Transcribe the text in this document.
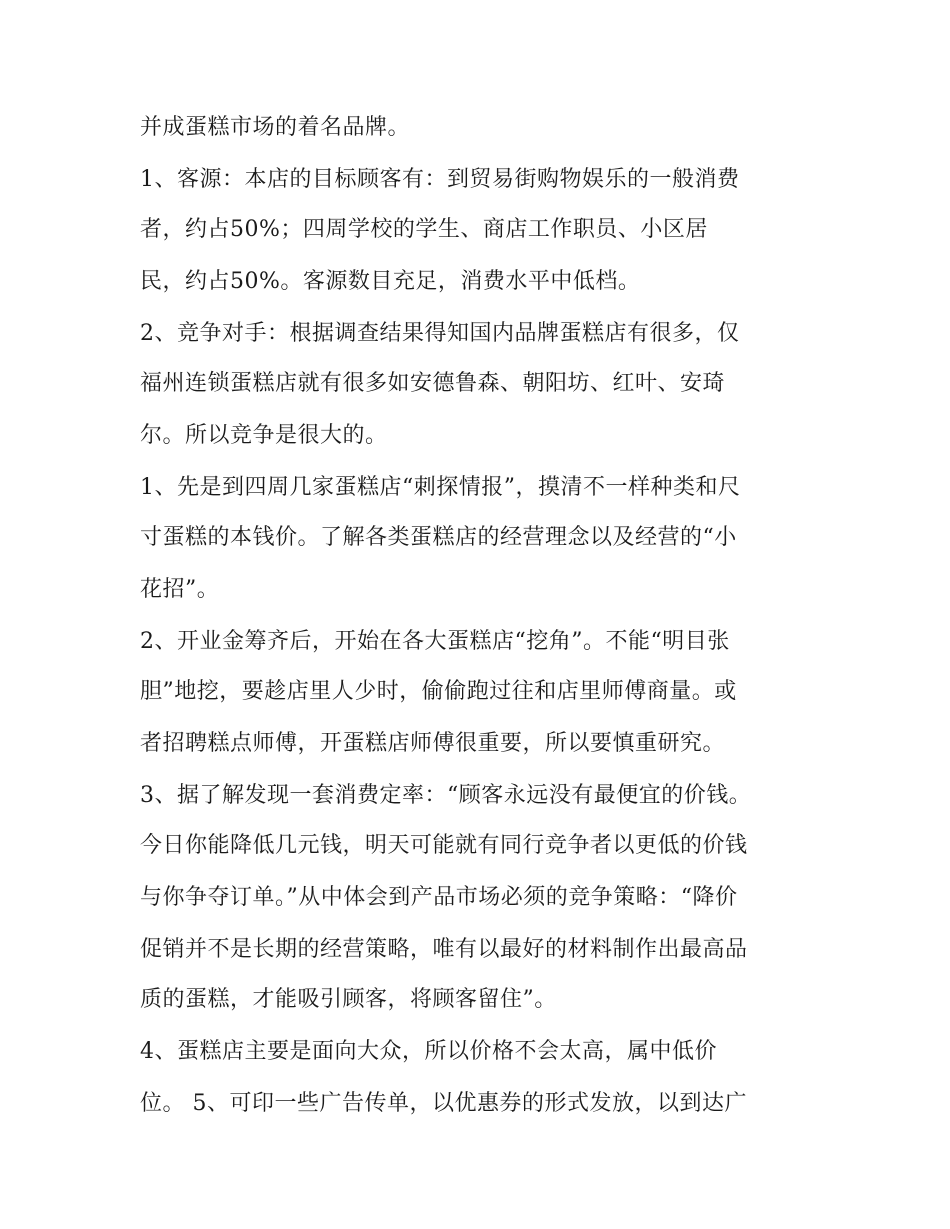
并成蛋糕市场的着名品牌。

1、客源：本店的目标顾客有：到贸易街购物娱乐的一般消费

者，约占50%；四周学校的学生、商店工作职员、小区居

民，约占50%。客源数目充足，消费水平中低档。

2、竞争对手：根据调查结果得知国内品牌蛋糕店有很多，仅

福州连锁蛋糕店就有很多如安德鲁森、朝阳坊、红叶、安琦

尔。所以竞争是很大的。

1、先是到四周几家蛋糕店“刺探情报”，摸清不一样种类和尺

寸蛋糕的本钱价。了解各类蛋糕店的经营理念以及经营的“小

花招”。

2、开业金筹齐后，开始在各大蛋糕店“挖角”。不能“明目张

胆”地挖，要趁店里人少时，偷偷跑过往和店里师傅商量。或

者招聘糕点师傅，开蛋糕店师傅很重要，所以要慎重研究。

3、据了解发现一套消费定率：“顾客永远没有最便宜的价钱。

今日你能降低几元钱，明天可能就有同行竞争者以更低的价钱

与你争夺订单。”从中体会到产品市场必须的竞争策略：“降价

促销并不是长期的经营策略，唯有以最好的材料制作出最高品

质的蛋糕，才能吸引顾客，将顾客留住”。

4、蛋糕店主要是面向大众，所以价格不会太高，属中低价

位。 5、可印一些广告传单，以优惠券的形式发放，以到达广
